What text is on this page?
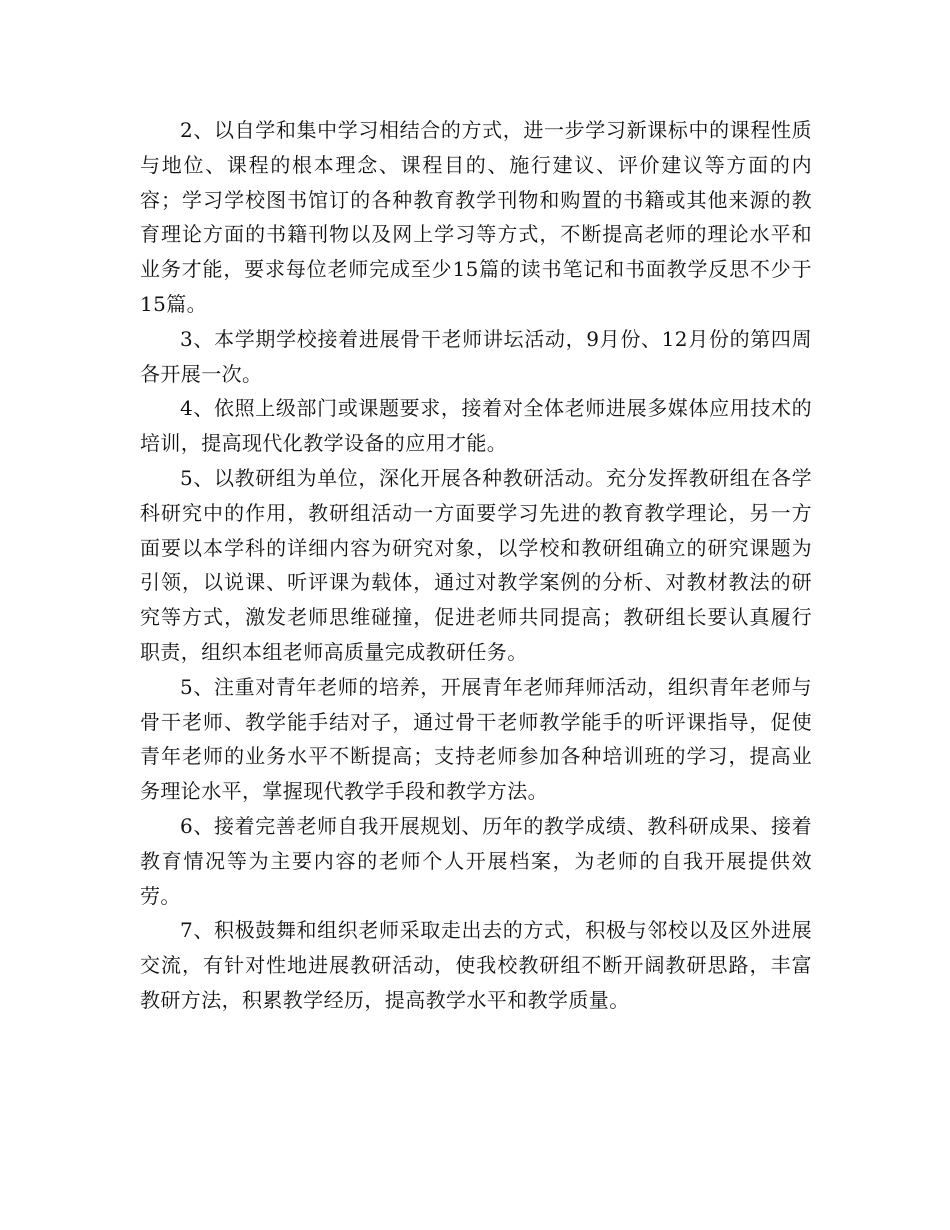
2、以自学和集中学习相结合的方式，进一步学习新课标中的课程性质与地位、课程的根本理念、课程目的、施行建议、评价建议等方面的内容；学习学校图书馆订的各种教育教学刊物和购置的书籍或其他来源的教育理论方面的书籍刊物以及网上学习等方式，不断提高老师的理论水平和业务才能，要求每位老师完成至少15篇的读书笔记和书面教学反思不少于15篇。

3、本学期学校接着进展骨干老师讲坛活动，9月份、12月份的第四周各开展一次。

4、依照上级部门或课题要求，接着对全体老师进展多媒体应用技术的培训，提高现代化教学设备的应用才能。

5、以教研组为单位，深化开展各种教研活动。充分发挥教研组在各学科研究中的作用，教研组活动一方面要学习先进的教育教学理论，另一方面要以本学科的详细内容为研究对象，以学校和教研组确立的研究课题为引领，以说课、听评课为载体，通过对教学案例的分析、对教材教法的研究等方式，激发老师思维碰撞，促进老师共同提高；教研组长要认真履行职责，组织本组老师高质量完成教研任务。

5、注重对青年老师的培养，开展青年老师拜师活动，组织青年老师与骨干老师、教学能手结对子，通过骨干老师教学能手的听评课指导，促使青年老师的业务水平不断提高；支持老师参加各种培训班的学习，提高业务理论水平，掌握现代教学手段和教学方法。

6、接着完善老师自我开展规划、历年的教学成绩、教科研成果、接着教育情况等为主要内容的老师个人开展档案，为老师的自我开展提供效劳。

7、积极鼓舞和组织老师采取走出去的方式，积极与邻校以及区外进展交流，有针对性地进展教研活动，使我校教研组不断开阔教研思路，丰富教研方法，积累教学经历，提高教学水平和教学质量。
